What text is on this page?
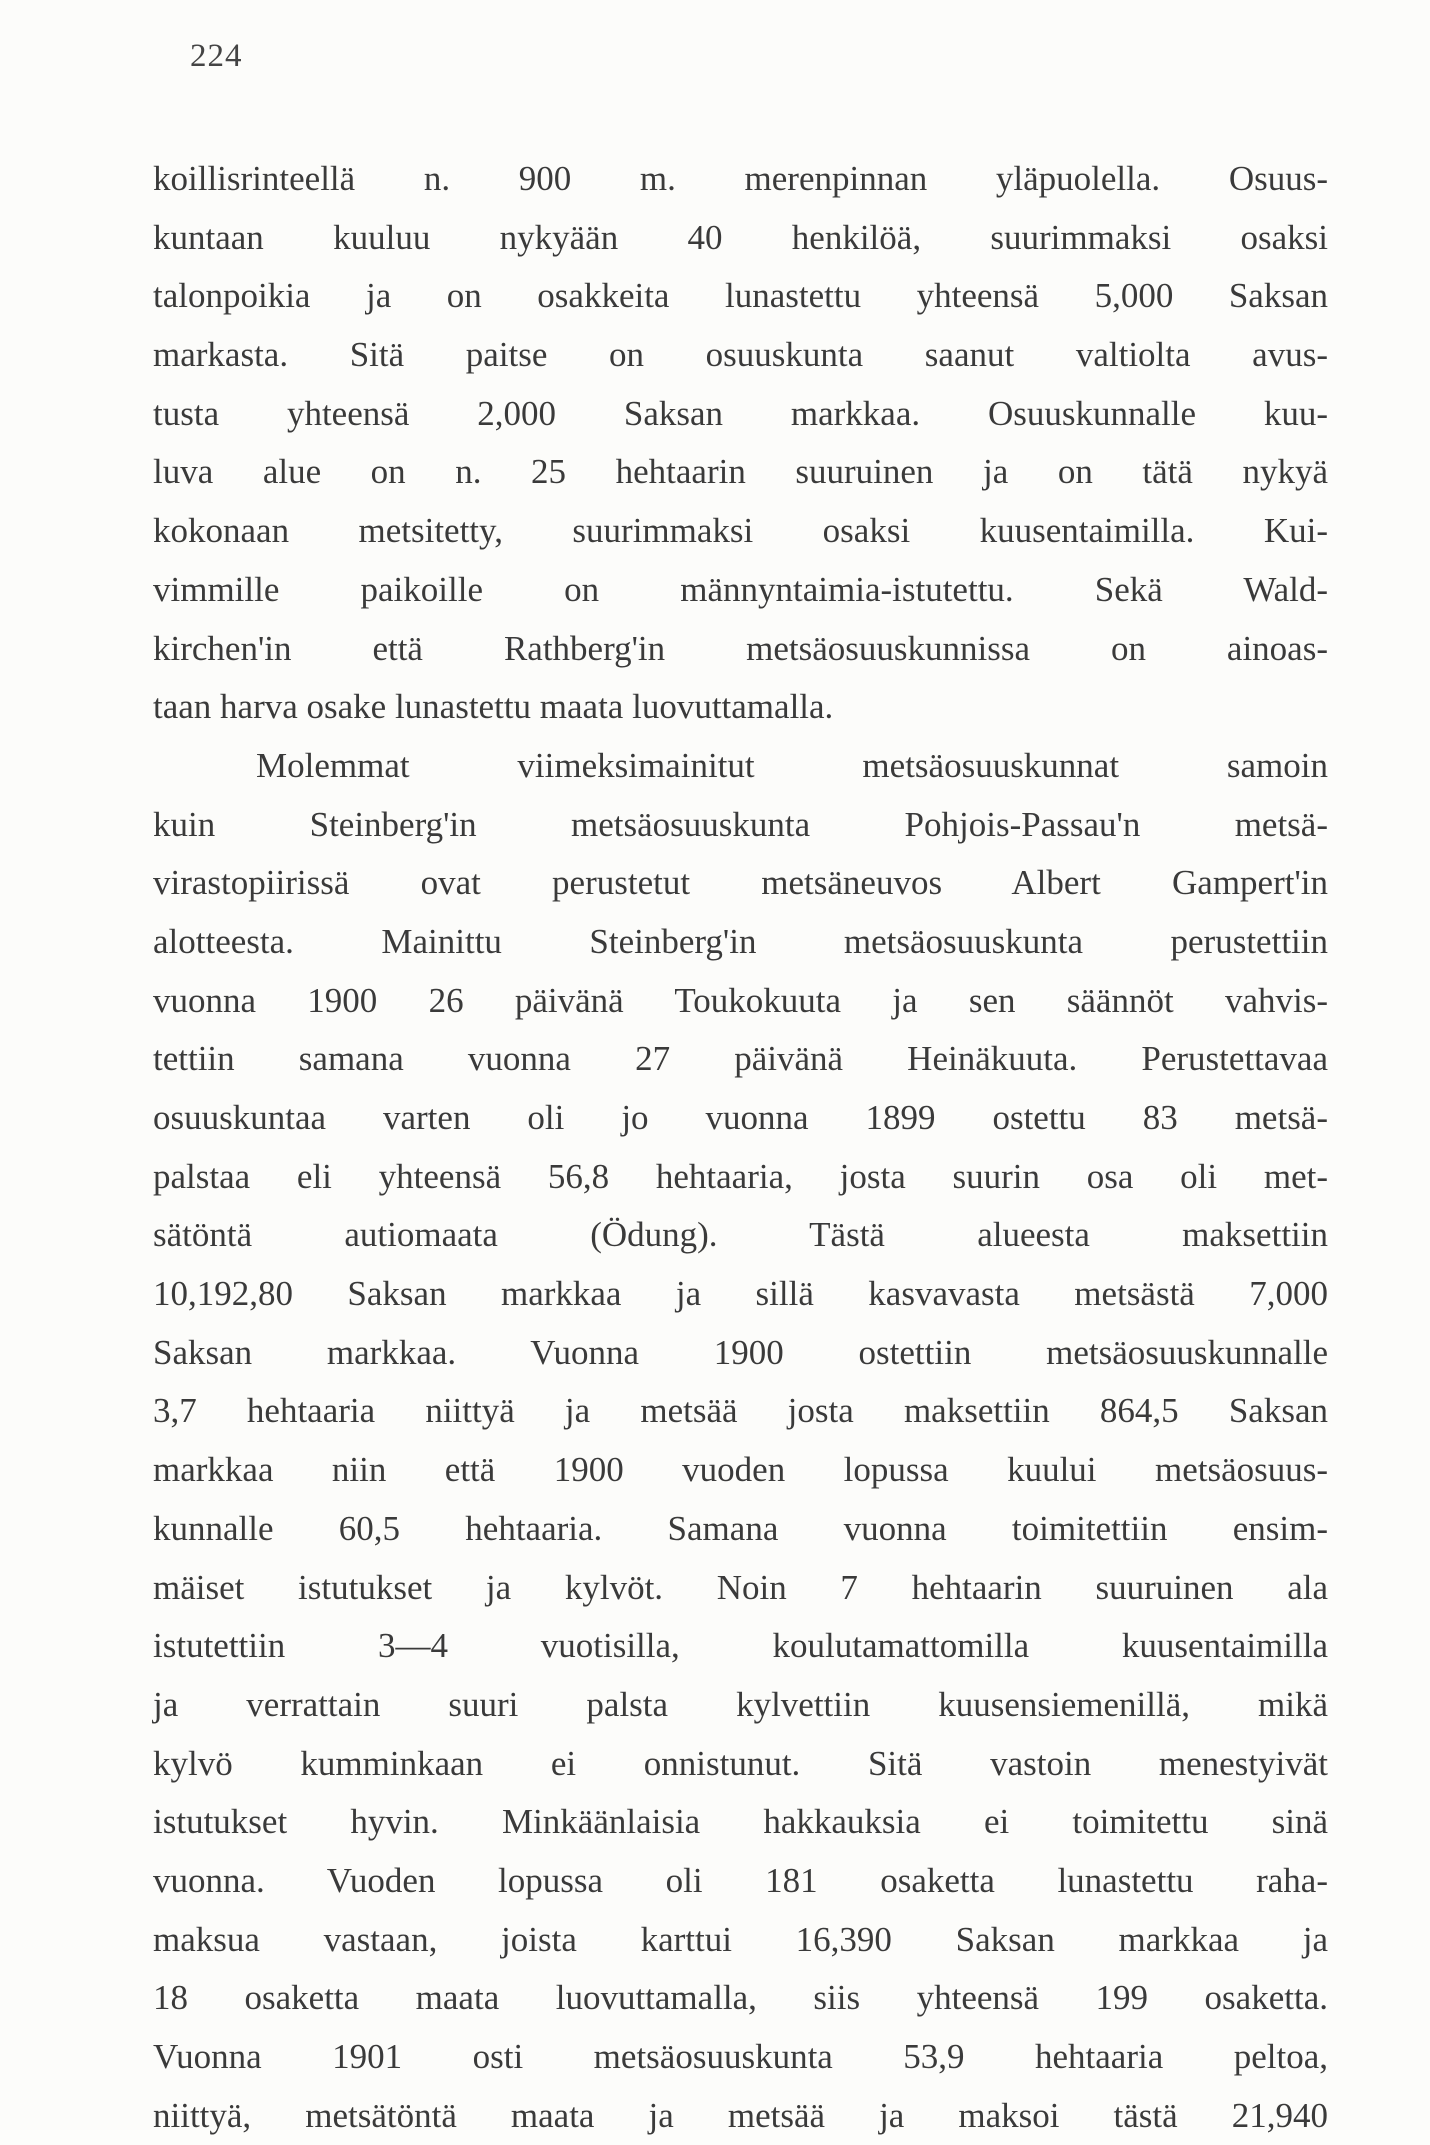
224
koillisrinteellä n. 900 m. merenpinnan yläpuolella. Osuus-
kuntaan kuuluu nykyään 40 henkilöä, suurimmaksi osaksi
talonpoikia ja on osakkeita lunastettu yhteensä 5,000 Saksan
markasta. Sitä paitse on osuuskunta saanut valtiolta avus-
tusta yhteensä 2,000 Saksan markkaa. Osuuskunnalle kuu-
luva alue on n. 25 hehtaarin suuruinen ja on tätä nykyä
kokonaan metsitetty, suurimmaksi osaksi kuusentaimilla. Kui-
vimmille paikoille on männyntaimia-istutettu. Sekä Wald-
kirchen'in että Rathberg'in metsäosuuskunnissa on ainoas-
taan harva osake lunastettu maata luovuttamalla.
Molemmat viimeksimainitut metsäosuuskunnat samoin
kuin Steinberg'in metsäosuuskunta Pohjois-Passau'n metsä-
virastopiirissä ovat perustetut metsäneuvos Albert Gampert'in
alotteesta. Mainittu Steinberg'in metsäosuuskunta perustettiin
vuonna 1900 26 päivänä Toukokuuta ja sen säännöt vahvis-
tettiin samana vuonna 27 päivänä Heinäkuuta. Perustettavaa
osuuskuntaa varten oli jo vuonna 1899 ostettu 83 metsä-
palstaa eli yhteensä 56,8 hehtaaria, josta suurin osa oli met-
sätöntä autiomaata (Ödung). Tästä alueesta maksettiin
10,192,80 Saksan markkaa ja sillä kasvavasta metsästä 7,000
Saksan markkaa. Vuonna 1900 ostettiin metsäosuuskunnalle
3,7 hehtaaria niittyä ja metsää josta maksettiin 864,5 Saksan
markkaa niin että 1900 vuoden lopussa kuului metsäosuus-
kunnalle 60,5 hehtaaria. Samana vuonna toimitettiin ensim-
mäiset istutukset ja kylvöt. Noin 7 hehtaarin suuruinen ala
istutettiin 3—4 vuotisilla, koulutamattomilla kuusentaimilla
ja verrattain suuri palsta kylvettiin kuusensiemenillä, mikä
kylvö kumminkaan ei onnistunut. Sitä vastoin menestyivät
istutukset hyvin. Minkäänlaisia hakkauksia ei toimitettu sinä
vuonna. Vuoden lopussa oli 181 osaketta lunastettu raha-
maksua vastaan, joista karttui 16,390 Saksan markkaa ja
18 osaketta maata luovuttamalla, siis yhteensä 199 osaketta.
Vuonna 1901 osti metsäosuuskunta 53,9 hehtaaria peltoa,
niittyä, metsätöntä maata ja metsää ja maksoi tästä 21,940
